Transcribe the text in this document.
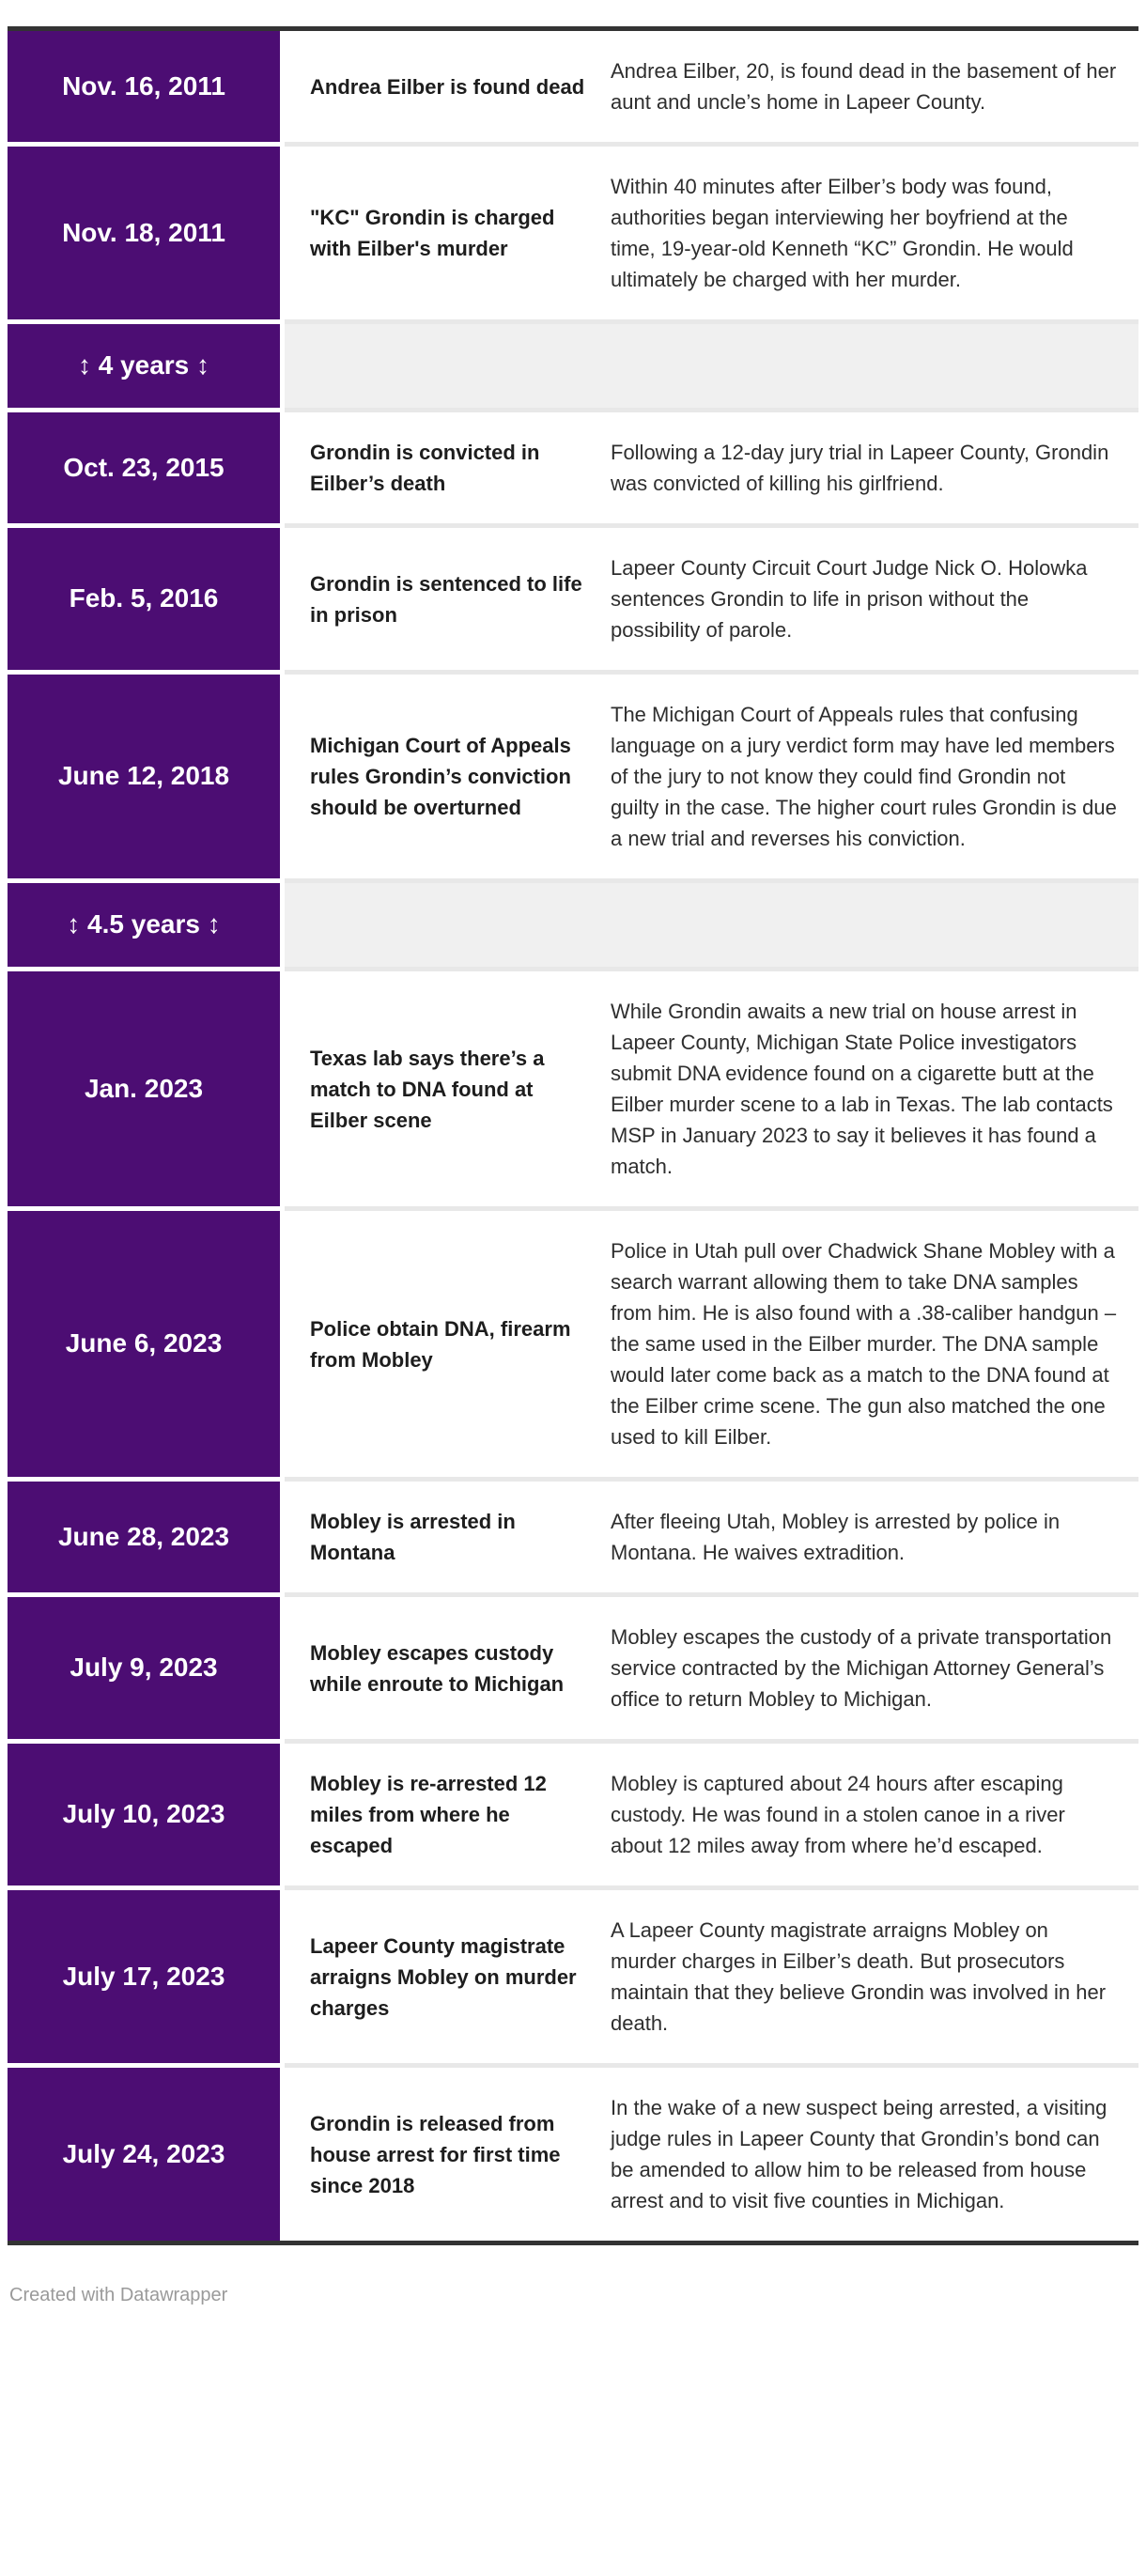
Nov. 16, 2011	Andrea Eilber is found dead
Andrea Eilber, 20, is found dead in the basement of her aunt and uncle’s home in Lapeer County.
Nov. 18, 2011
"KC" Grondin is charged with Eilber's murder
Within 40 minutes after Eilber’s body was found, authorities began interviewing her boyfriend at the time, 19-year-old Kenneth “KC” Grondin. He would ultimately be charged with her murder.
↕ 4 years ↕
Oct. 23, 2015
Grondin is convicted in Eilber’s death
Following a 12-day jury trial in Lapeer County, Grondin was convicted of killing his girlfriend.
Feb. 5, 2016
Grondin is sentenced to life in prison
Lapeer County Circuit Court Judge Nick O. Holowka sentences Grondin to life in prison without the possibility of parole.
June 12, 2018
Michigan Court of Appeals rules Grondin’s conviction should be overturned
The Michigan Court of Appeals rules that confusing language on a jury verdict form may have led members of the jury to not know they could find Grondin not guilty in the case. The higher court rules Grondin is due a new trial and reverses his conviction.
↕ 4.5 years ↕
Jan. 2023
Texas lab says there’s a match to DNA found at Eilber scene
While Grondin awaits a new trial on house arrest in Lapeer County, Michigan State Police investigators submit DNA evidence found on a cigarette butt at the Eilber murder scene to a lab in Texas. The lab contacts MSP in January 2023 to say it believes it has found a match.
June 6, 2023
Police obtain DNA, firearm from Mobley
Police in Utah pull over Chadwick Shane Mobley with a search warrant allowing them to take DNA samples from him. He is also found with a .38-caliber handgun – the same used in the Eilber murder. The DNA sample would later come back as a match to the DNA found at the Eilber crime scene. The gun also matched the one used to kill Eilber.
June 28, 2023
Mobley is arrested in Montana
After fleeing Utah, Mobley is arrested by police in Montana. He waives extradition.
July 9, 2023
Mobley escapes custody while enroute to Michigan
Mobley escapes the custody of a private transportation service contracted by the Michigan Attorney General’s office to return Mobley to Michigan.
July 10, 2023
Mobley is re-arrested 12 miles from where he escaped
Mobley is captured about 24 hours after escaping custody. He was found in a stolen canoe in a river about 12 miles away from where he’d escaped.
July 17, 2023
Lapeer County magistrate arraigns Mobley on murder charges
A Lapeer County magistrate arraigns Mobley on murder charges in Eilber’s death. But prosecutors maintain that they believe Grondin was involved in her death.
July 24, 2023
Grondin is released from house arrest for first time since 2018
In the wake of a new suspect being arrested, a visiting judge rules in Lapeer County that Grondin’s bond can be amended to allow him to be released from house arrest and to visit five counties in Michigan.
Created with Datawrapper
